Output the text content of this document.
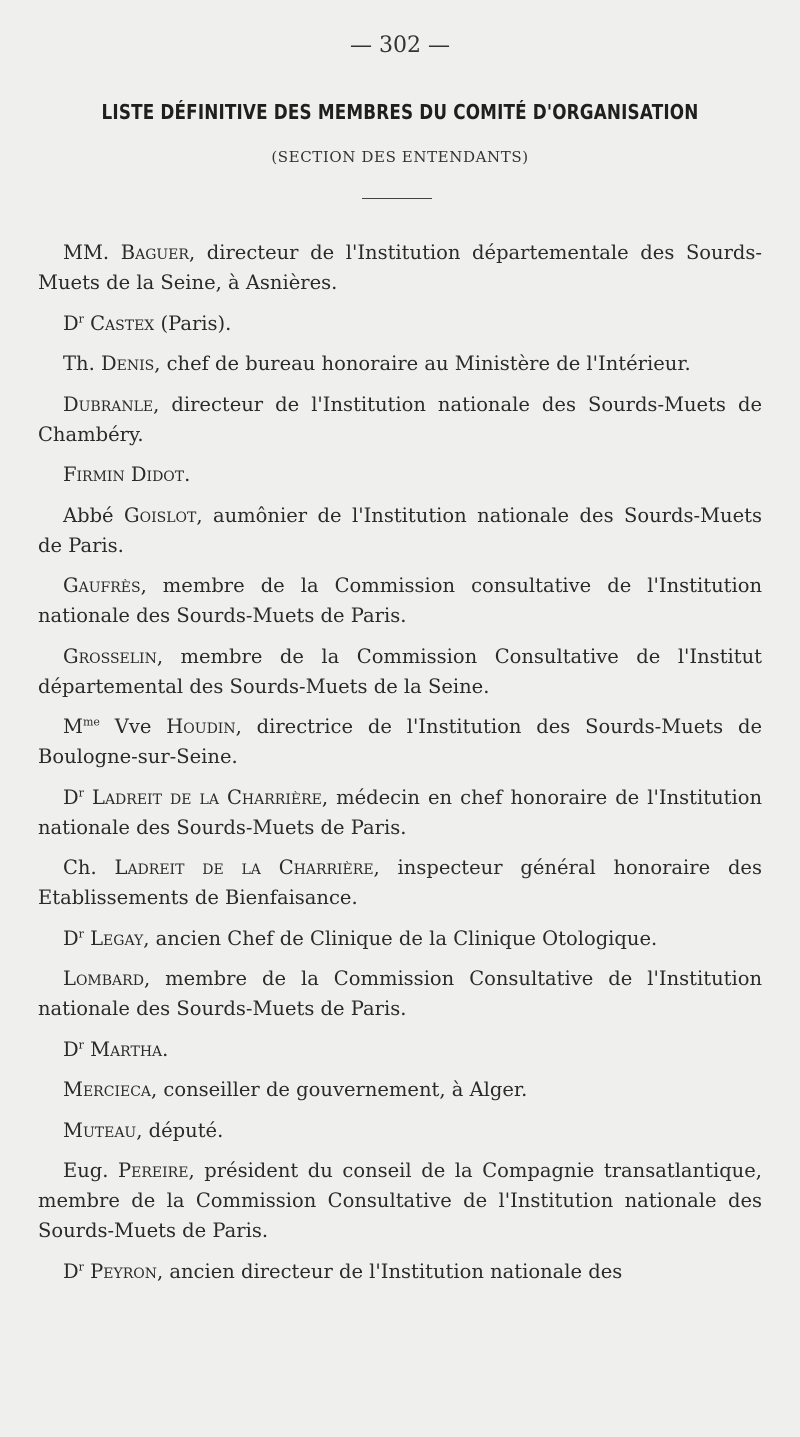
— 302 —
LISTE DÉFINITIVE DES MEMBRES DU COMITÉ D'ORGANISATION
(SECTION DES ENTENDANTS)

MM. Baguer, directeur de l'Institution départementale des Sourds-Muets de la Seine, à Asnières.

$D^r$ Castex (Paris).

Th. Denis, chef de bureau honoraire au Ministère de l'Intérieur.

Dubranle, directeur de l'Institution nationale des Sourds-Muets de Chambéry.

Firmin Didot.

Abbé Goislot, aumônier de l'Institution nationale des Sourds-Muets de Paris.

Gaufrès, membre de la Commission consultative de l'Institution nationale des Sourds-Muets de Paris.

Grosselin, membre de la Commission Consultative de l'Institut départemental des Sourds-Muets de la Seine.

$M^{me}$ Vve Houdin, directrice de l'Institution des Sourds-Muets de Boulogne-sur-Seine.

$D^r$ Ladreit de la Charrière, médecin en chef honoraire de l'Institution nationale des Sourds-Muets de Paris.

Ch. Ladreit de la Charrière, inspecteur général honoraire des Etablissements de Bienfaisance.

$D^r$ Legay, ancien Chef de Clinique de la Clinique Otologique.

Lombard, membre de la Commission Consultative de l'Institution nationale des Sourds-Muets de Paris.

$D^r$ Martha.

Mercieca, conseiller de gouvernement, à Alger.

Muteau, député.

Eug. Pereire, président du conseil de la Compagnie transatlantique, membre de la Commission Consultative de l'Institution nationale des Sourds-Muets de Paris.

$D^r$ Peyron, ancien directeur de l'Institution nationale des
